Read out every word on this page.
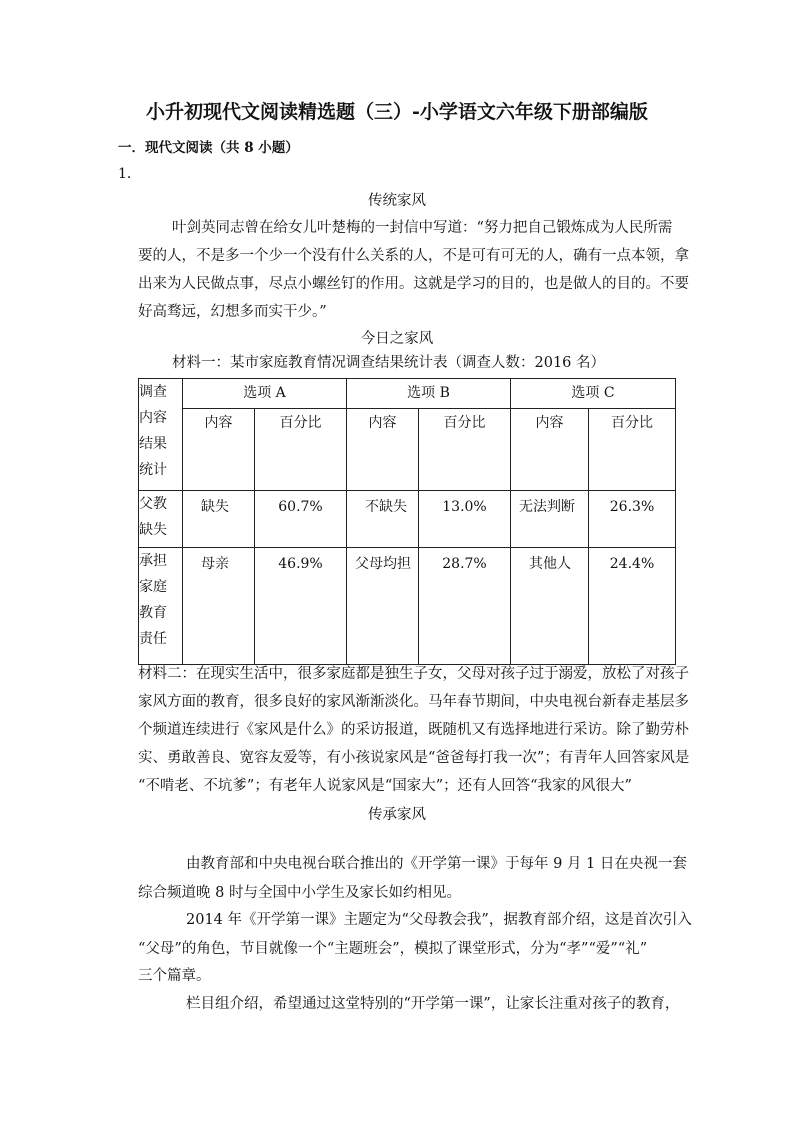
小升初现代文阅读精选题（三）-小学语文六年级下册部编版
一．现代文阅读（共 8 小题）
1．
传统家风
叶剑英同志曾在给女儿叶楚梅的一封信中写道：“努力把自己锻炼成为人民所需
要的人，不是多一个少一个没有什么关系的人，不是可有可无的人，确有一点本领，拿
出来为人民做点事，尽点小螺丝钉的作用。这就是学习的目的，也是做人的目的。不要
好高骛远，幻想多而实干少。”
今日之家风
材料一：某市家庭教育情况调查结果统计表（调查人数：2016 名）
调查
内容
结果
统计	选项 A		选项 B		选项 C	
	内容	百分比	内容	百分比	内容	百分比

父教
缺失	缺失	60.7%	不缺失	13.0%	无法判断	26.3%

承担
家庭
教育
责任	母亲	46.9%	父母均担	28.7%	其他人	24.4%
材料二：在现实生活中，很多家庭都是独生子女，父母对孩子过于溺爱，放松了对孩子
家风方面的教育，很多良好的家风渐渐淡化。马年春节期间，中央电视台新春走基层多
个频道连续进行《家风是什么》的采访报道，既随机又有选择地进行采访。除了勤劳朴
实、勇敢善良、宽容友爱等，有小孩说家风是“爸爸每打我一次”；有青年人回答家风是
“不啃老、不坑爹”；有老年人说家风是“国家大”；还有人回答“我家的风很大”
传承家风
由教育部和中央电视台联合推出的《开学第一课》于每年 9 月 1 日在央视一套
综合频道晚 8 时与全国中小学生及家长如约相见。
2014 年《开学第一课》主题定为“父母教会我”，据教育部介绍，这是首次引入
“父母”的角色，节目就像一个“主题班会”，模拟了课堂形式，分为“孝”“爱”“礼”
三个篇章。
栏目组介绍，希望通过这堂特别的“开学第一课”，让家长注重对孩子的教育，
